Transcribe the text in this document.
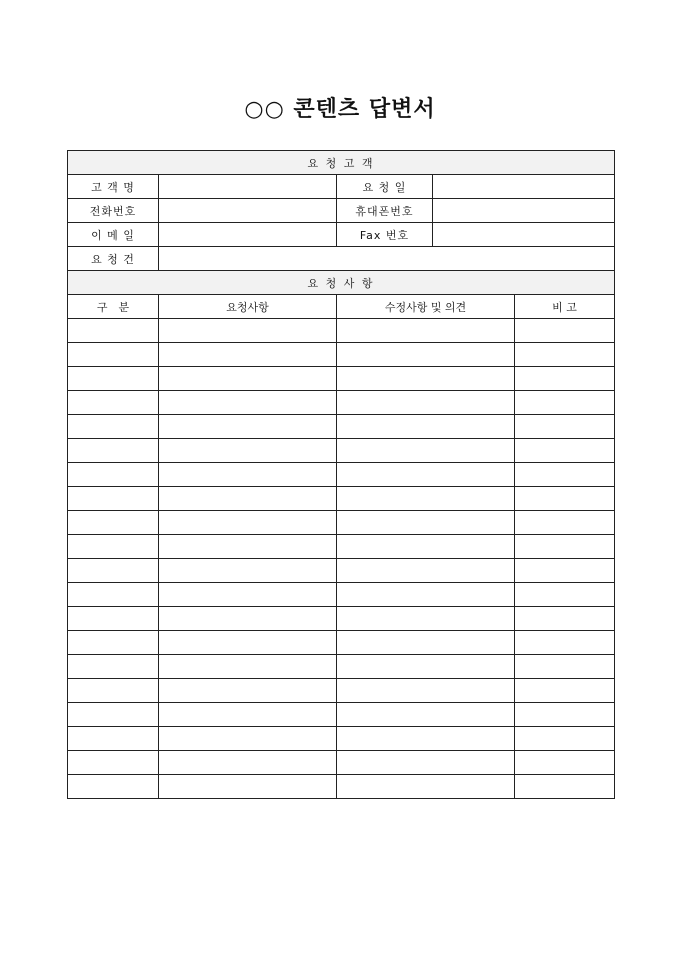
○○ 콘텐츠 답변서
요 청 고 객				
고 객 명		요 청 일		
전화번호		휴대폰번호		
이 메 일		Fax 번호		
요 청 건				
요 청 사 항				
구　분	요청사항	수정사항 및 의견		비 고
